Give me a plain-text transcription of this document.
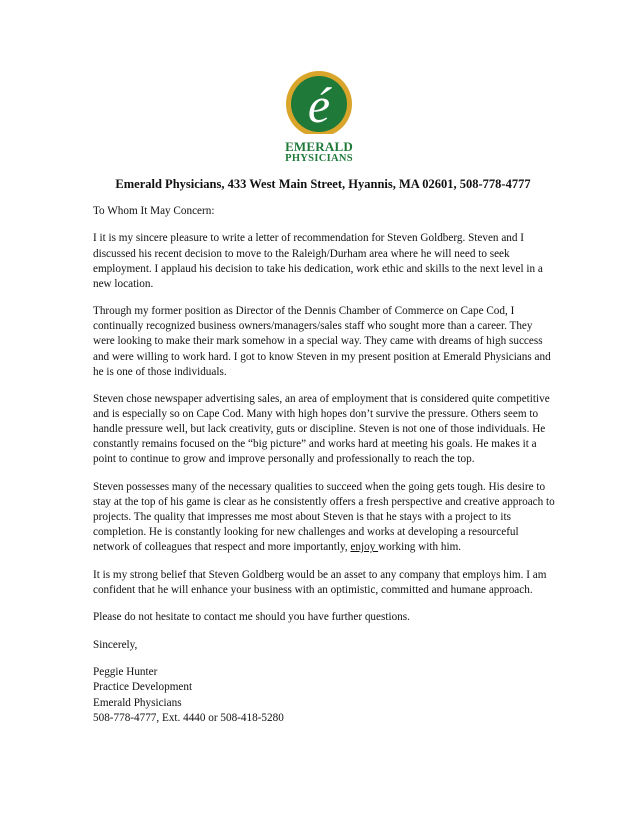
é
EMERALD
PHYSICIANS
Emerald Physicians, 433 West Main Street, Hyannis, MA 02601, 508-778-4777

To Whom It May Concern:

I it is my sincere pleasure to write a letter of recommendation for Steven Goldberg. Steven and I discussed his recent decision to move to the Raleigh/Durham area where he will need to seek employment. I applaud his decision to take his dedication, work ethic and skills to the next level in a new location.

Through my former position as Director of the Dennis Chamber of Commerce on Cape Cod, I continually recognized business owners/managers/sales staff who sought more than a career. They were looking to make their mark somehow in a special way. They came with dreams of high success and were willing to work hard. I got to know Steven in my present position at Emerald Physicians and he is one of those individuals.

Steven chose newspaper advertising sales, an area of employment that is considered quite competitive and is especially so on Cape Cod. Many with high hopes don’t survive the pressure. Others seem to handle pressure well, but lack creativity, guts or discipline. Steven is not one of those individuals. He constantly remains focused on the “big picture” and works hard at meeting his goals. He makes it a point to continue to grow and improve personally and professionally to reach the top.

Steven possesses many of the necessary qualities to succeed when the going gets tough. His desire to stay at the top of his game is clear as he consistently offers a fresh perspective and creative approach to projects. The quality that impresses me most about Steven is that he stays with a project to its completion. He is constantly looking for new challenges and works at developing a resourceful network of colleagues that respect and more importantly, enjoy working with him.

It is my strong belief that Steven Goldberg would be an asset to any company that employs him. I am confident that he will enhance your business with an optimistic, committed and humane approach.

Please do not hesitate to contact me should you have further questions.

Sincerely,

Peggie Hunter
Practice Development
Emerald Physicians
508-778-4777, Ext. 4440 or 508-418-5280
